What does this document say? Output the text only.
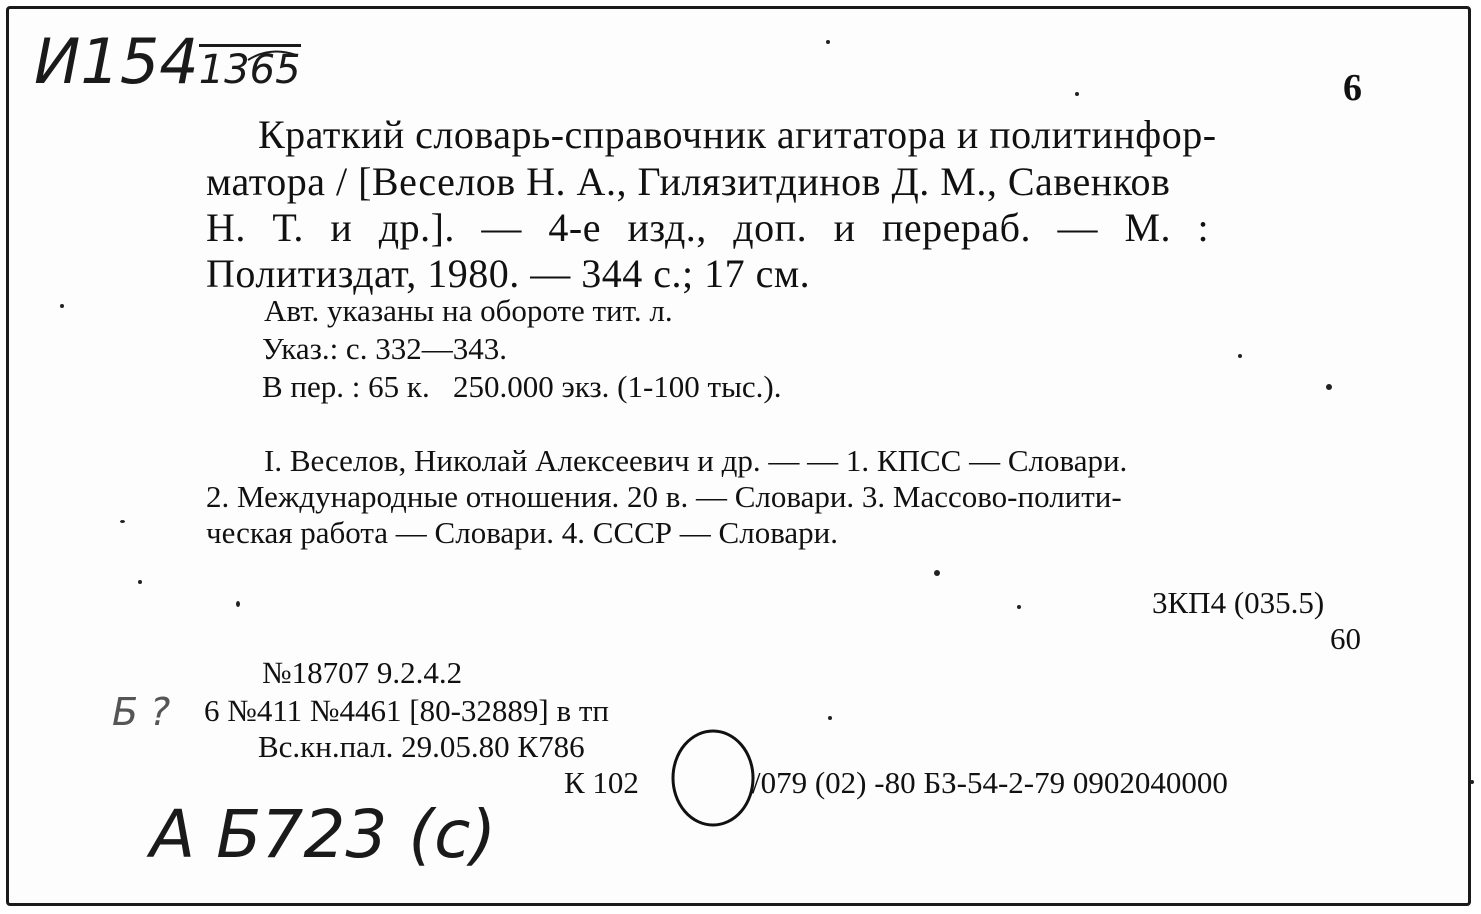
И1541365
А Б723 (с)
Б ?
6
Краткий словарь-справочник агитатора и политинфор-
матора / [Веселов Н. А., Гилязитдинов Д. М., Савенков
Н. Т. и др.]. — 4-е изд., доп. и перераб. — М. :
Политиздат, 1980. — 344 с.; 17 см.
Авт. указаны на обороте тит. л.
Указ.: с. 332—343.
В пер. : 65 к.   250.000 экз. (1-100 тыс.).
I. Веселов, Николай Алексеевич и др. — — 1. КПСС — Словари.
2. Международные отношения. 20 в. — Словари. 3. Массово-полити-
ческая работа — Словари. 4. СССР — Словари.
3КП4 (035.5)
60
№18707 9.2.4.2
6 №411 №4461 [80-32889] в тп
Вс.кн.пал. 29.05.80 К786
К 102	/079 (02) -80 БЗ-54-2-79 0902040000
